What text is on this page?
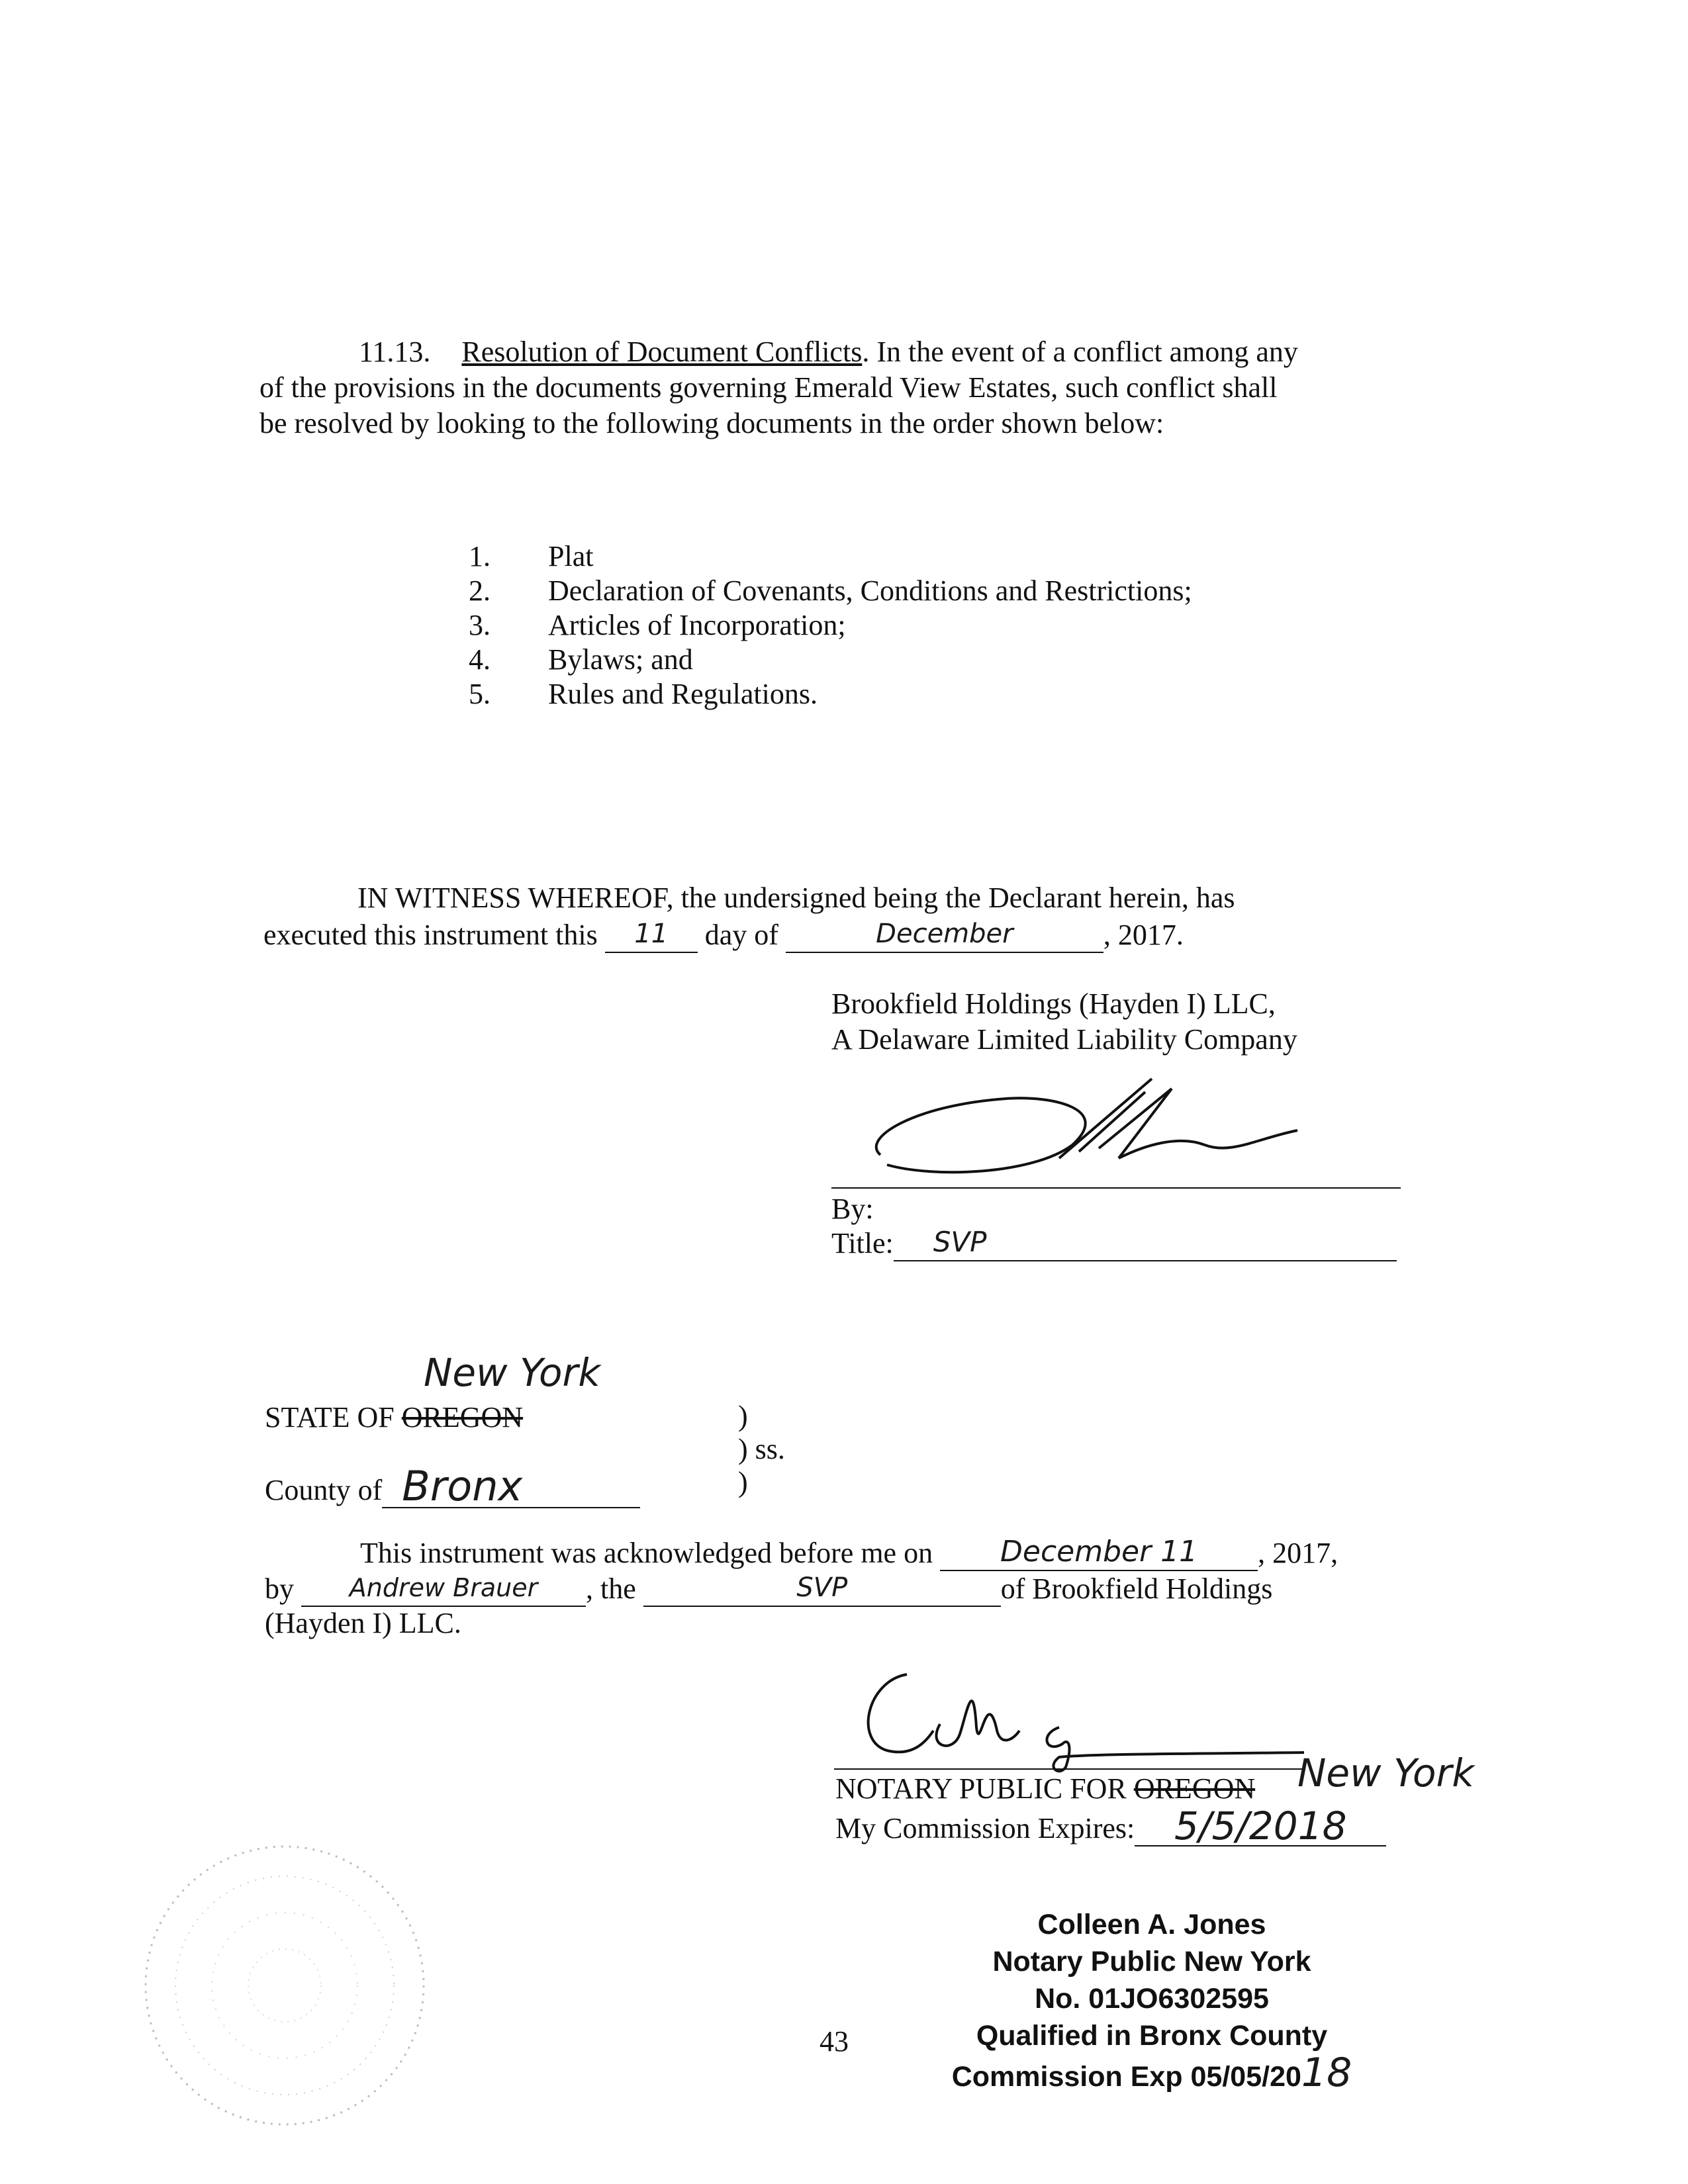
11.13. Resolution of Document Conflicts. In the event of a conflict among any
of the provisions in the documents governing Emerald View Estates, such conflict shall
be resolved by looking to the following documents in the order shown below:
1.	Plat
2.	Declaration of Covenants, Conditions and Restrictions;
3.	Articles of Incorporation;
4.	Bylaws; and
5.	Rules and Regulations.
IN WITNESS WHEREOF, the undersigned being the Declarant herein, has
executed this instrument this 11 day of	December	, 2017.
Brookfield Holdings (Hayden I) LLC,
A Delaware Limited Liability Company
By:
Title: SVP
New York
STATE OF OREGON
County of Bronx
)
) ss.
)
This instrument was acknowledged before me on December 11 , 2017,
by Andrew Brauer , the	SVP	of Brookfield Holdings
(Hayden I) LLC.
NOTARY PUBLIC FOR OREGON New York
My Commission Expires: 5/5/2018
Colleen A. Jones
Notary Public New York
No. 01JO6302595
Qualified in Bronx County
Commission Exp 05/05/2018
43
